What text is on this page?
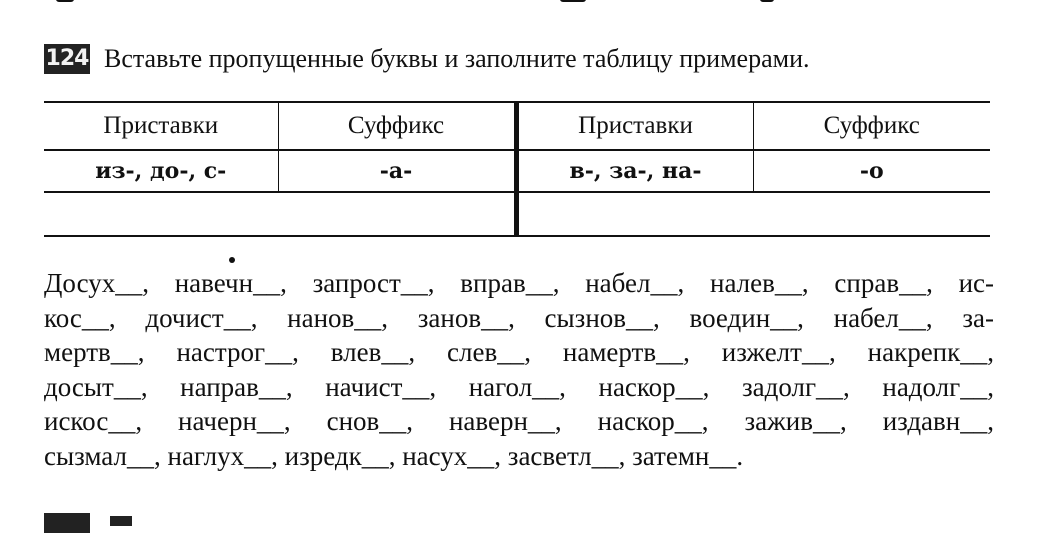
124 Вставьте пропущенные буквы и заполните таблицу примерами.
Приставки	Суффикс	Приставки	Суффикс
из-, до-, с-	-а-	в-, за-, на-	-о

Досух__, навечн__, запрост__, вправ__, набел__, налев__, справ__, ис-
кос__, дочист__, нанов__, занов__, сызнов__, воедин__, набел__, за-
мертв__, настрог__, влев__, слев__, намертв__, изжелт__, накрепк__,
досыт__, направ__, начист__, нагол__, наскор__, задолг__, надолг__,
искос__, начерн__, снов__, наверн__, наскор__, зажив__, издавн__,
сызмал__, наглух__, изредк__, насух__, засветл__, затемн__.
